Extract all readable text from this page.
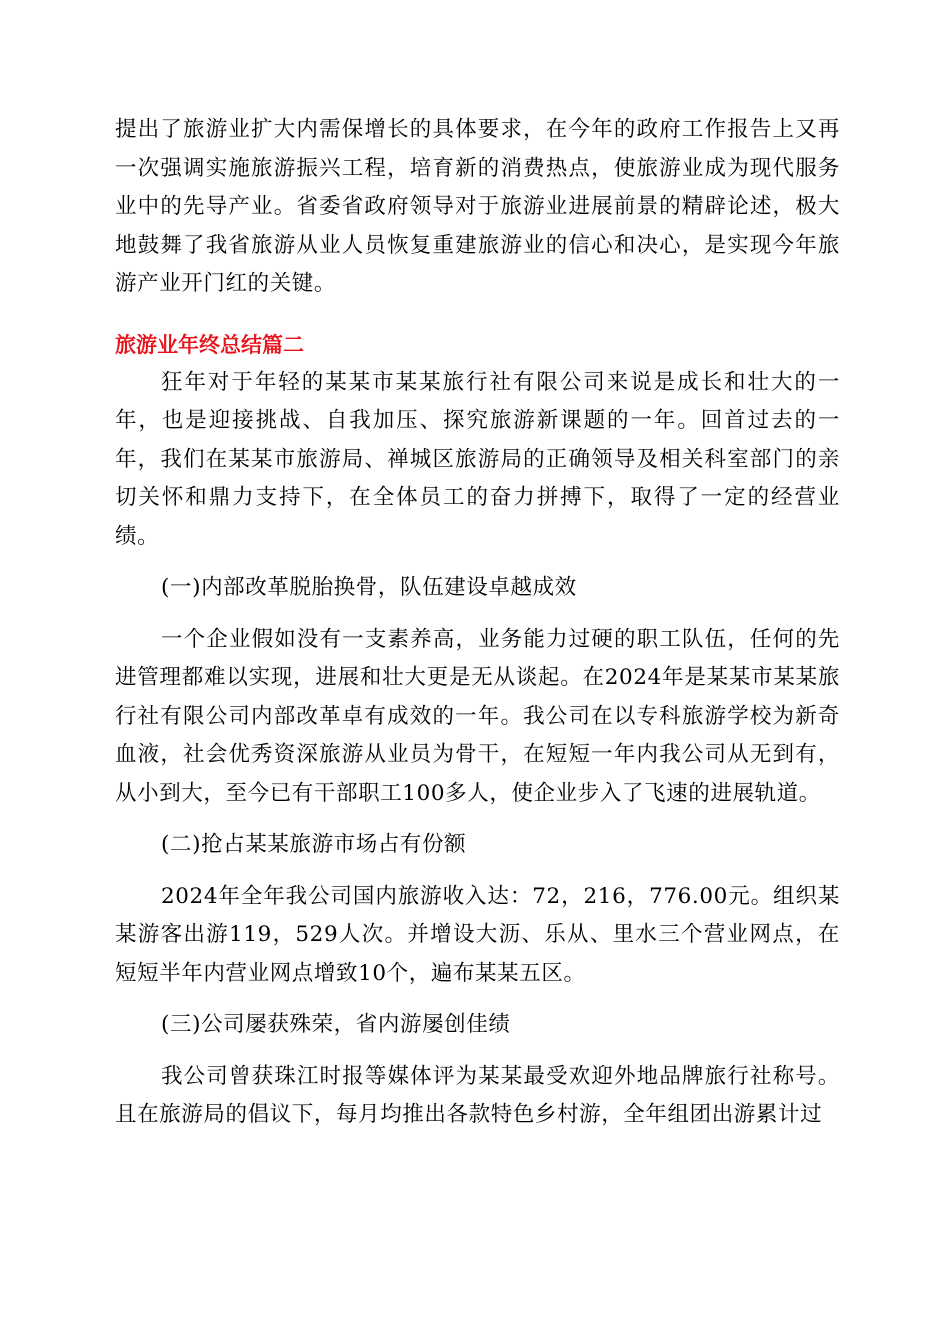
提出了旅游业扩大内需保增长的具体要求，在今年的政府工作报告上又再一次强调实施旅游振兴工程，培育新的消费热点，使旅游业成为现代服务业中的先导产业。省委省政府领导对于旅游业进展前景的精辟论述，极大地鼓舞了我省旅游从业人员恢复重建旅游业的信心和决心，是实现今年旅游产业开门红的关键。

旅游业年终总结篇二

狂年对于年轻的某某市某某旅行社有限公司来说是成长和壮大的一年，也是迎接挑战、自我加压、探究旅游新课题的一年。回首过去的一年，我们在某某市旅游局、禅城区旅游局的正确领导及相关科室部门的亲切关怀和鼎力支持下，在全体员工的奋力拼搏下，取得了一定的经营业绩。

(一)内部改革脱胎换骨，队伍建设卓越成效

一个企业假如没有一支素养高，业务能力过硬的职工队伍，任何的先进管理都难以实现，进展和壮大更是无从谈起。在2024年是某某市某某旅行社有限公司内部改革卓有成效的一年。我公司在以专科旅游学校为新奇血液，社会优秀资深旅游从业员为骨干，在短短一年内我公司从无到有，从小到大，至今已有干部职工100多人，使企业步入了飞速的进展轨道。

(二)抢占某某旅游市场占有份额

2024年全年我公司国内旅游收入达：72，216，776.00元。组织某某游客出游119，529人次。并增设大沥、乐从、里水三个营业网点，在短短半年内营业网点增致10个，遍布某某五区。

(三)公司屡获殊荣，省内游屡创佳绩

我公司曾获珠江时报等媒体评为某某最受欢迎外地品牌旅行社称号。且在旅游局的倡议下，每月均推出各款特色乡村游，全年组团出游累计过
